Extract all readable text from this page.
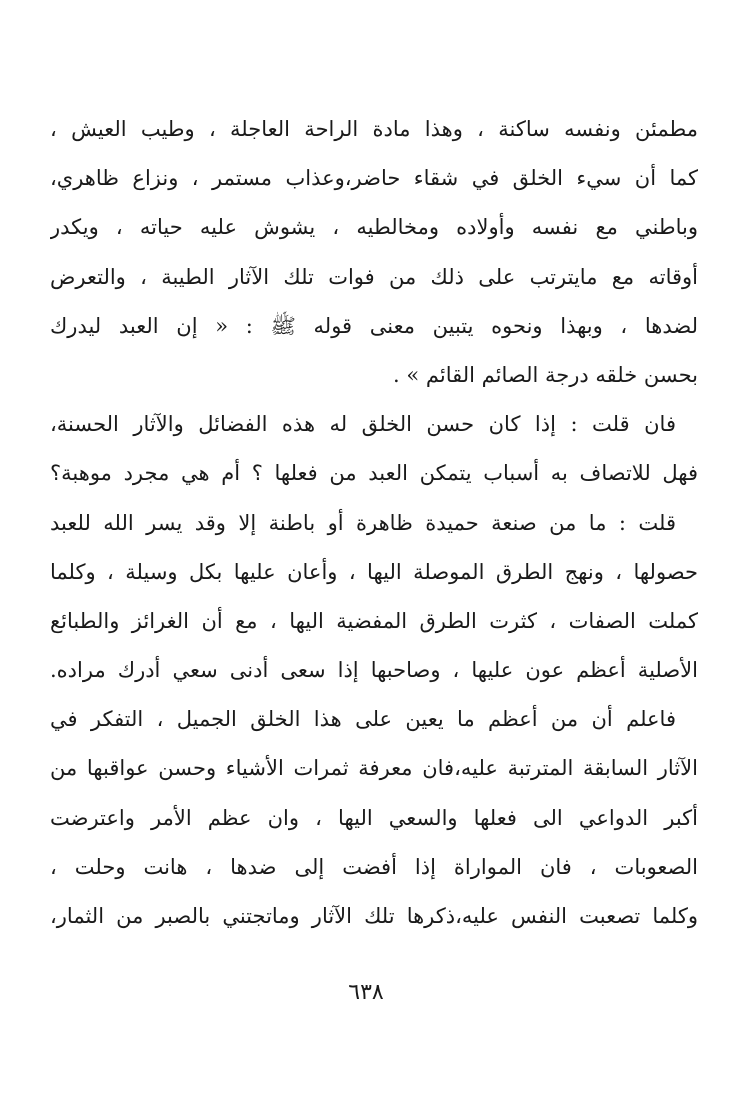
مطمئن ونفسه ساكنة ، وهذا مادة الراحة العاجلة ، وطيب العيش ،
كما أن سيء الخلق في شقاء حاضر،وعذاب مستمر ، ونزاع ظاهري،
وباطني مع نفسه وأولاده ومخالطيه ، يشوش عليه حياته ، ويكدر
أوقاته مع مايترتب على ذلك من فوات تلك الآثار الطيبة ، والتعرض
لضدها ، وبهذا ونحوه يتبين معنى قوله ﷺ : « إن العبد ليدرك
بحسن خلقه درجة الصائم القائم » .
فان قلت : إذا كان حسن الخلق له هذه الفضائل والآثار الحسنة،
فهل للاتصاف به أسباب يتمكن العبد من فعلها ؟ أم هي مجرد موهبة؟
قلت : ما من صنعة حميدة ظاهرة أو باطنة إلا وقد يسر الله للعبد
حصولها ، ونهج الطرق الموصلة اليها ، وأعان عليها بكل وسيلة ، وكلما
كملت الصفات ، كثرت الطرق المفضية اليها ، مع أن الغرائز والطبائع
الأصلية أعظم عون عليها ، وصاحبها إذا سعى أدنى سعي أدرك مراده.
فاعلم أن من أعظم ما يعين على هذا الخلق الجميل ، التفكر في
الآثار السابقة المترتبة عليه،فان معرفة ثمرات الأشياء وحسن عواقبها من
أكبر الدواعي الى فعلها والسعي اليها ، وان عظم الأمر واعترضت
الصعوبات ، فان المواراة إذا أفضت إلى ضدها ، هانت وحلت ،
وكلما تصعبت النفس عليه،ذكرها تلك الآثار وماتجتني بالصبر من الثمار،
٦٣٨
